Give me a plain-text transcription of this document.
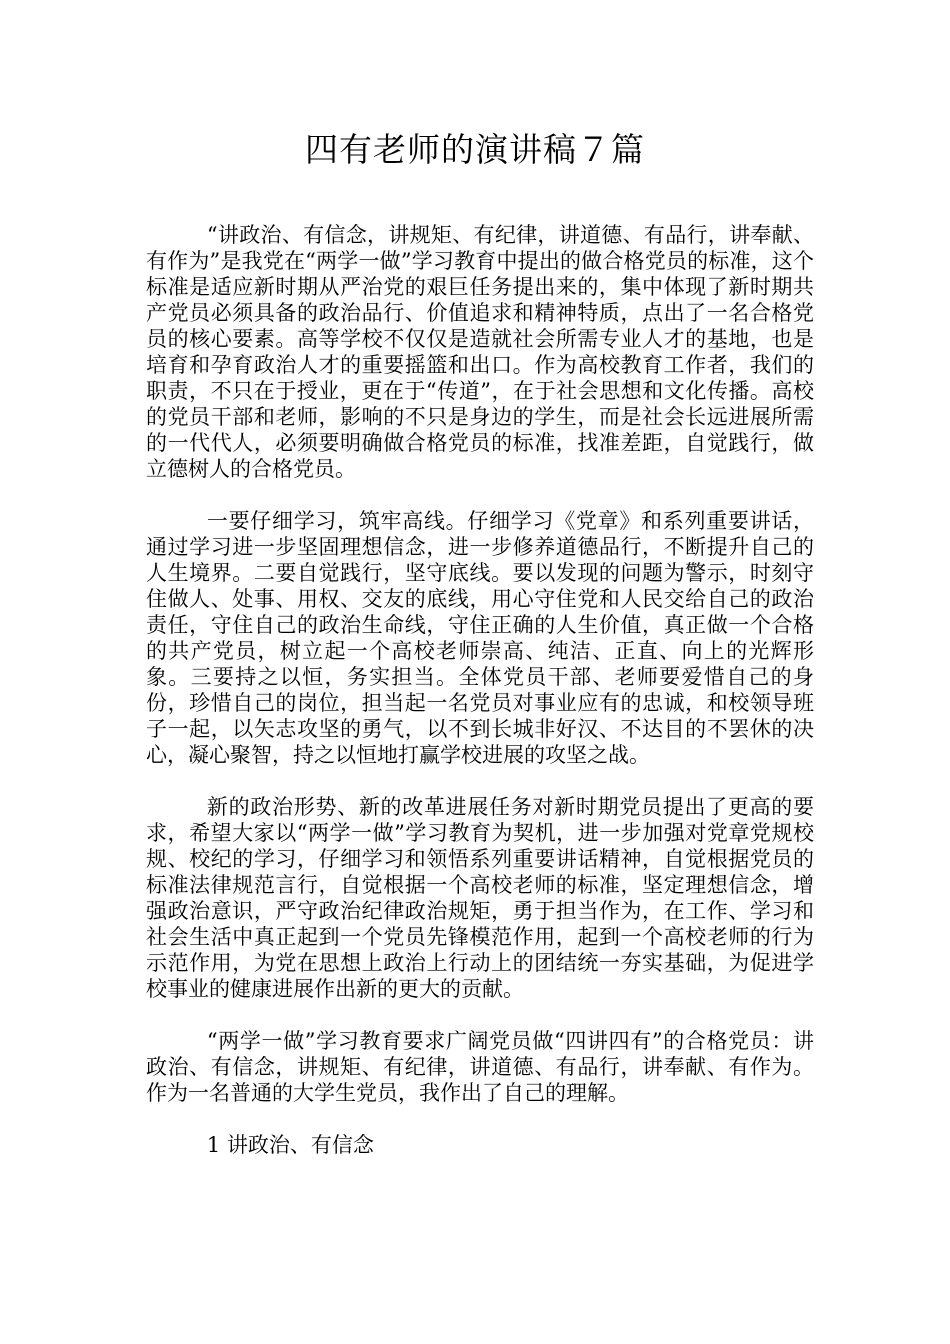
四有老师的演讲稿７篇

“讲政治、有信念，讲规矩、有纪律，讲道德、有品行，讲奉献、有作为”是我党在“两学一做”学习教育中提出的做合格党员的标准，这个标准是适应新时期从严治党的艰巨任务提出来的，集中体现了新时期共产党员必须具备的政治品行、价值追求和精神特质，点出了一名合格党员的核心要素。高等学校不仅仅是造就社会所需专业人才的基地，也是培育和孕育政治人才的重要摇篮和出口。作为高校教育工作者，我们的职责，不只在于授业，更在于“传道”，在于社会思想和文化传播。高校的党员干部和老师，影响的不只是身边的学生，而是社会长远进展所需的一代代人，必须要明确做合格党员的标准，找准差距，自觉践行，做立德树人的合格党员。

一要仔细学习，筑牢高线。仔细学习《党章》和系列重要讲话，通过学习进一步坚固理想信念，进一步修养道德品行，不断提升自己的人生境界。二要自觉践行，坚守底线。要以发现的问题为警示，时刻守住做人、处事、用权、交友的底线，用心守住党和人民交给自己的政治责任，守住自己的政治生命线，守住正确的人生价值，真正做一个合格的共产党员，树立起一个高校老师崇高、纯洁、正直、向上的光辉形象。三要持之以恒，务实担当。全体党员干部、老师要爱惜自己的身份，珍惜自己的岗位，担当起一名党员对事业应有的忠诚，和校领导班子一起，以矢志攻坚的勇气，以不到长城非好汉、不达目的不罢休的决心，凝心聚智，持之以恒地打赢学校进展的攻坚之战。

新的政治形势、新的改革进展任务对新时期党员提出了更高的要求，希望大家以“两学一做”学习教育为契机，进一步加强对党章党规校规、校纪的学习，仔细学习和领悟系列重要讲话精神，自觉根据党员的标准法律规范言行，自觉根据一个高校老师的标准，坚定理想信念，增强政治意识，严守政治纪律政治规矩，勇于担当作为，在工作、学习和社会生活中真正起到一个党员先锋模范作用，起到一个高校老师的行为示范作用，为党在思想上政治上行动上的团结统一夯实基础，为促进学校事业的健康进展作出新的更大的贡献。

“两学一做”学习教育要求广阔党员做“四讲四有”的合格党员：讲政治、有信念，讲规矩、有纪律，讲道德、有品行，讲奉献、有作为。作为一名普通的大学生党员，我作出了自己的理解。

1 讲政治、有信念
